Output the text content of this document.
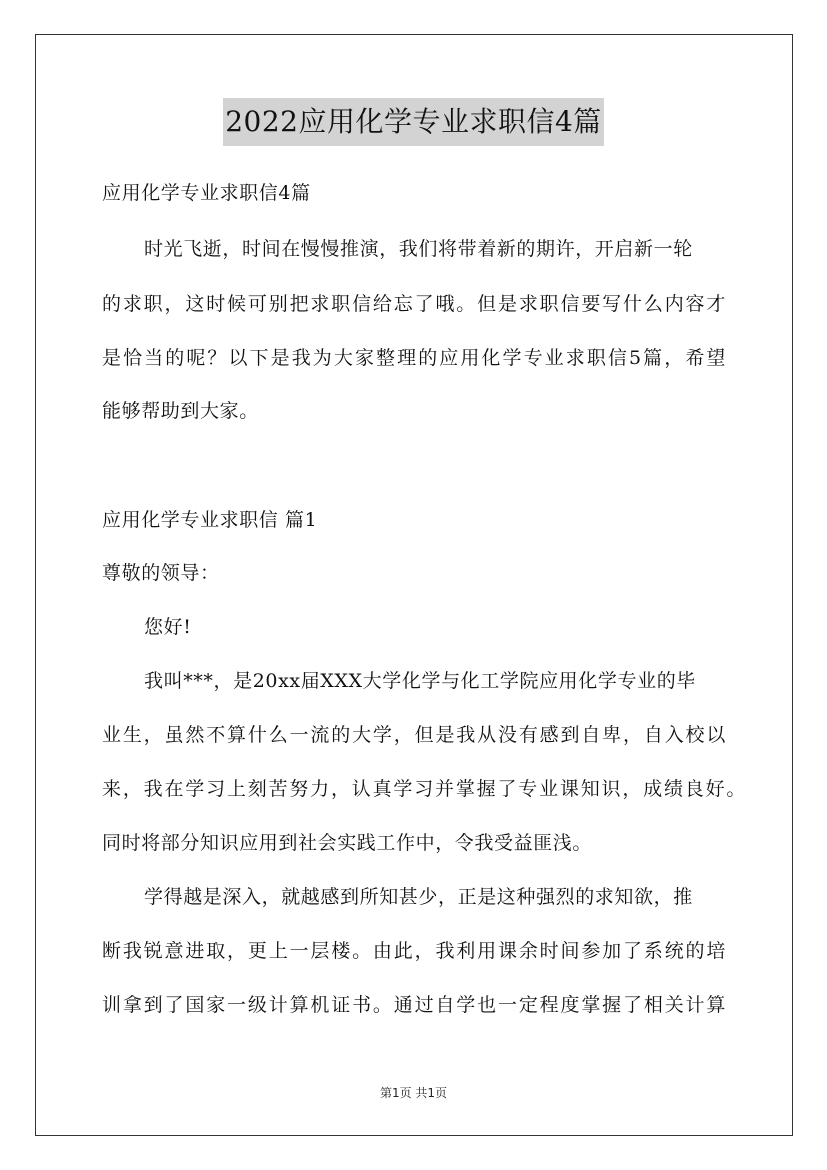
2022应用化学专业求职信4篇
应用化学专业求职信4篇
时光飞逝，时间在慢慢推演，我们将带着新的期许，开启新一轮
的求职，这时候可别把求职信给忘了哦。但是求职信要写什么内容才
是恰当的呢？以下是我为大家整理的应用化学专业求职信5篇，希望
能够帮助到大家。
应用化学专业求职信 篇1
尊敬的领导：
您好!
我叫***，是20xx届XXX大学化学与化工学院应用化学专业的毕
业生，虽然不算什么一流的大学，但是我从没有感到自卑，自入校以
来，我在学习上刻苦努力，认真学习并掌握了专业课知识，成绩良好。
同时将部分知识应用到社会实践工作中，令我受益匪浅。
学得越是深入，就越感到所知甚少，正是这种强烈的求知欲，推
断我锐意进取，更上一层楼。由此，我利用课余时间参加了系统的培
训拿到了国家一级计算机证书。通过自学也一定程度掌握了相关计算
第1页 共1页
